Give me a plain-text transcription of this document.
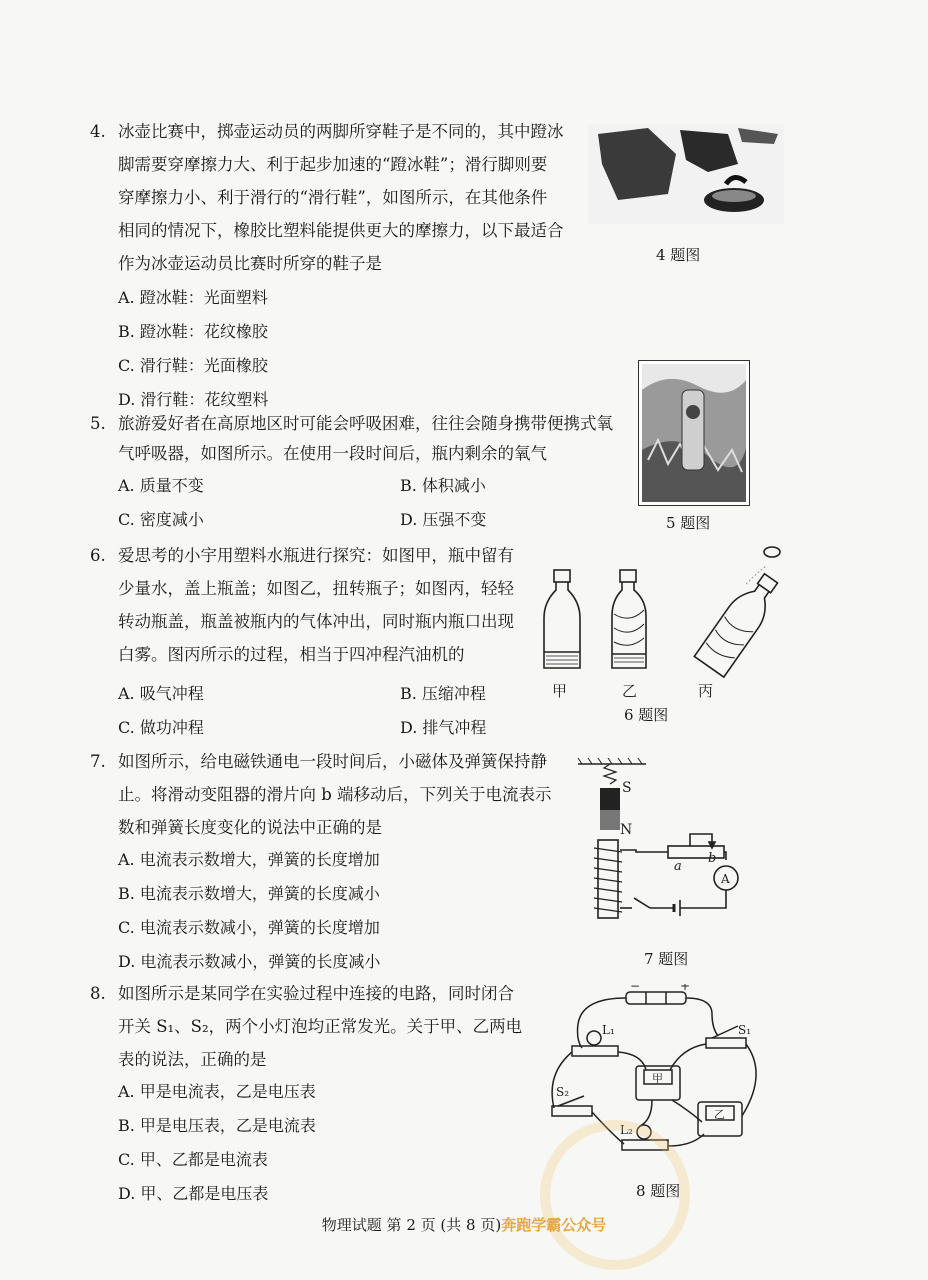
4. 冰壶比赛中，掷壶运动员的两脚所穿鞋子是不同的，其中蹬冰
脚需要穿摩擦力大、利于起步加速的“蹬冰鞋”；滑行脚则要
穿摩擦力小、利于滑行的“滑行鞋”，如图所示，在其他条件
相同的情况下，橡胶比塑料能提供更大的摩擦力，以下最适合
作为冰壶运动员比赛时所穿的鞋子是
A. 蹬冰鞋：光面塑料
B. 蹬冰鞋：花纹橡胶
C. 滑行鞋：光面橡胶
D. 滑行鞋：花纹塑料
4 题图
5. 旅游爱好者在高原地区时可能会呼吸困难，往往会随身携带便携式氧
气呼吸器，如图所示。在使用一段时间后，瓶内剩余的氧气
A. 质量不变	B. 体积减小
C. 密度减小	D. 压强不变	5 题图
6. 爱思考的小宇用塑料水瓶进行探究：如图甲，瓶中留有
少量水，盖上瓶盖；如图乙，扭转瓶子；如图丙，轻轻
转动瓶盖，瓶盖被瓶内的气体冲出，同时瓶内瓶口出现
白雾。图丙所示的过程，相当于四冲程汽油机的
A. 吸气冲程	B. 压缩冲程
C. 做功冲程	D. 排气冲程
甲	乙	丙
6 题图
7. 如图所示，给电磁铁通电一段时间后，小磁体及弹簧保持静
止。将滑动变阻器的滑片向 b 端移动后，下列关于电流表示
数和弹簧长度变化的说法中正确的是
A. 电流表示数增大，弹簧的长度增加
B. 电流表示数增大，弹簧的长度减小
C. 电流表示数减小，弹簧的长度增加
D. 电流表示数减小，弹簧的长度减小
S
N
a
b
A
7 题图
8. 如图所示是某同学在实验过程中连接的电路，同时闭合
开关 S₁、S₂，两个小灯泡均正常发光。关于甲、乙两电
表的说法，正确的是
A. 甲是电流表，乙是电压表
B. 甲是电压表，乙是电流表
C. 甲、乙都是电流表
D. 甲、乙都是电压表
−	+
L₁	S₁
S₂
L₂
甲
乙
8 题图
物理试题 第 2 页 (共 8 页)奔跑学霸公众号
